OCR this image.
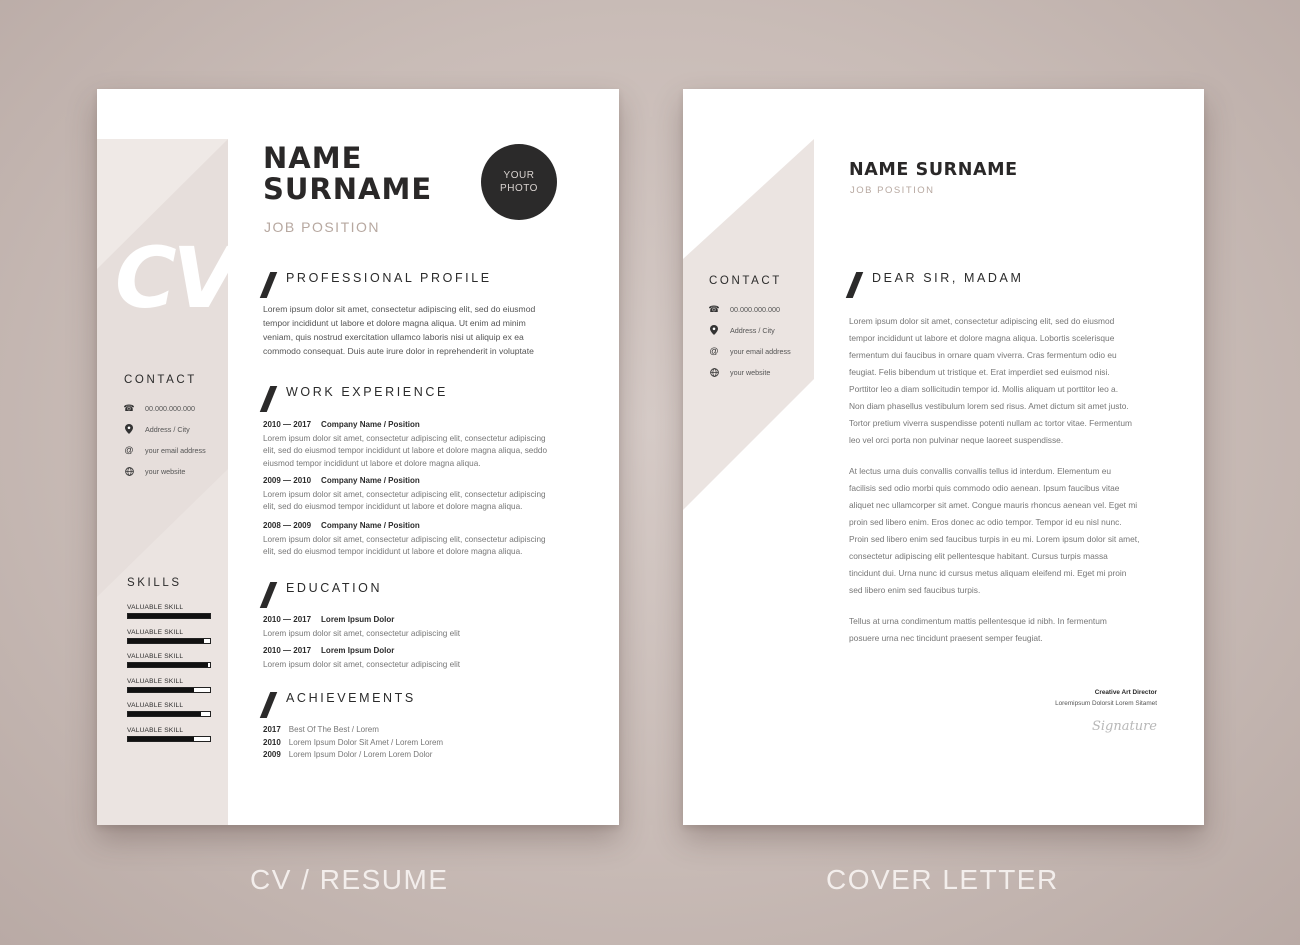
CV
NAME
SURNAME
JOB POSITION
YOUR
PHOTO
PROFESSIONAL PROFILE
Lorem ipsum dolor sit amet, consectetur adipiscing elit, sed do eiusmod
tempor incididunt ut labore et dolore magna aliqua. Ut enim ad minim
veniam, quis nostrud exercitation ullamco laboris nisi ut aliquip ex ea
commodo consequat. Duis aute irure dolor in reprehenderit in voluptate
WORK EXPERIENCE
2010 — 2017 Company Name / Position
Lorem ipsum dolor sit amet, consectetur adipiscing elit, consectetur adipiscing
elit, sed do eiusmod tempor incididunt ut labore et dolore magna aliqua, seddo
eiusmod tempor incididunt ut labore et dolore magna aliqua.
2009 — 2010 Company Name / Position
Lorem ipsum dolor sit amet, consectetur adipiscing elit, consectetur adipiscing
elit, sed do eiusmod tempor incididunt ut labore et dolore magna aliqua.
2008 — 2009 Company Name / Position
Lorem ipsum dolor sit amet, consectetur adipiscing elit, consectetur adipiscing
elit, sed do eiusmod tempor incididunt ut labore et dolore magna aliqua.
EDUCATION
2010 — 2017 Lorem Ipsum Dolor
Lorem ipsum dolor sit amet, consectetur adipiscing elit
2010 — 2017 Lorem Ipsum Dolor
Lorem ipsum dolor sit amet, consectetur adipiscing elit
ACHIEVEMENTS
2017 Best Of The Best / Lorem
2010 Lorem Ipsum Dolor Sit Amet / Lorem Lorem
2009 Lorem Ipsum Dolor / Lorem Lorem Dolor
CONTACT
☎ 00.000.000.000
Address / City
@ your email address
your website
SKILLS
VALUABLE SKILL
VALUABLE SKILL
VALUABLE SKILL
VALUABLE SKILL
VALUABLE SKILL
VALUABLE SKILL
NAME SURNAME
JOB POSITION
CONTACT
☎ 00.000.000.000
Address / City
@ your email address
your website
DEAR SIR, MADAM
Lorem ipsum dolor sit amet, consectetur adipiscing elit, sed do eiusmod
tempor incididunt ut labore et dolore magna aliqua. Lobortis scelerisque
fermentum dui faucibus in ornare quam viverra. Cras fermentum odio eu
feugiat. Felis bibendum ut tristique et. Erat imperdiet sed euismod nisi.
Porttitor leo a diam sollicitudin tempor id. Mollis aliquam ut porttitor leo a.
Non diam phasellus vestibulum lorem sed risus. Amet dictum sit amet justo.
Tortor pretium viverra suspendisse potenti nullam ac tortor vitae. Fermentum
leo vel orci porta non pulvinar neque laoreet suspendisse.
At lectus urna duis convallis convallis tellus id interdum. Elementum eu
facilisis sed odio morbi quis commodo odio aenean. Ipsum faucibus vitae
aliquet nec ullamcorper sit amet. Congue mauris rhoncus aenean vel. Eget mi
proin sed libero enim. Eros donec ac odio tempor. Tempor id eu nisl nunc.
Proin sed libero enim sed faucibus turpis in eu mi. Lorem ipsum dolor sit amet,
consectetur adipiscing elit pellentesque habitant. Cursus turpis massa
tincidunt dui. Urna nunc id cursus metus aliquam eleifend mi. Eget mi proin
sed libero enim sed faucibus turpis.
Tellus at urna condimentum mattis pellentesque id nibh. In fermentum
posuere urna nec tincidunt praesent semper feugiat.
Creative Art Director
Loremipsum Dolorsit Lorem Sitamet
Signature
CV / RESUME	COVER LETTER
